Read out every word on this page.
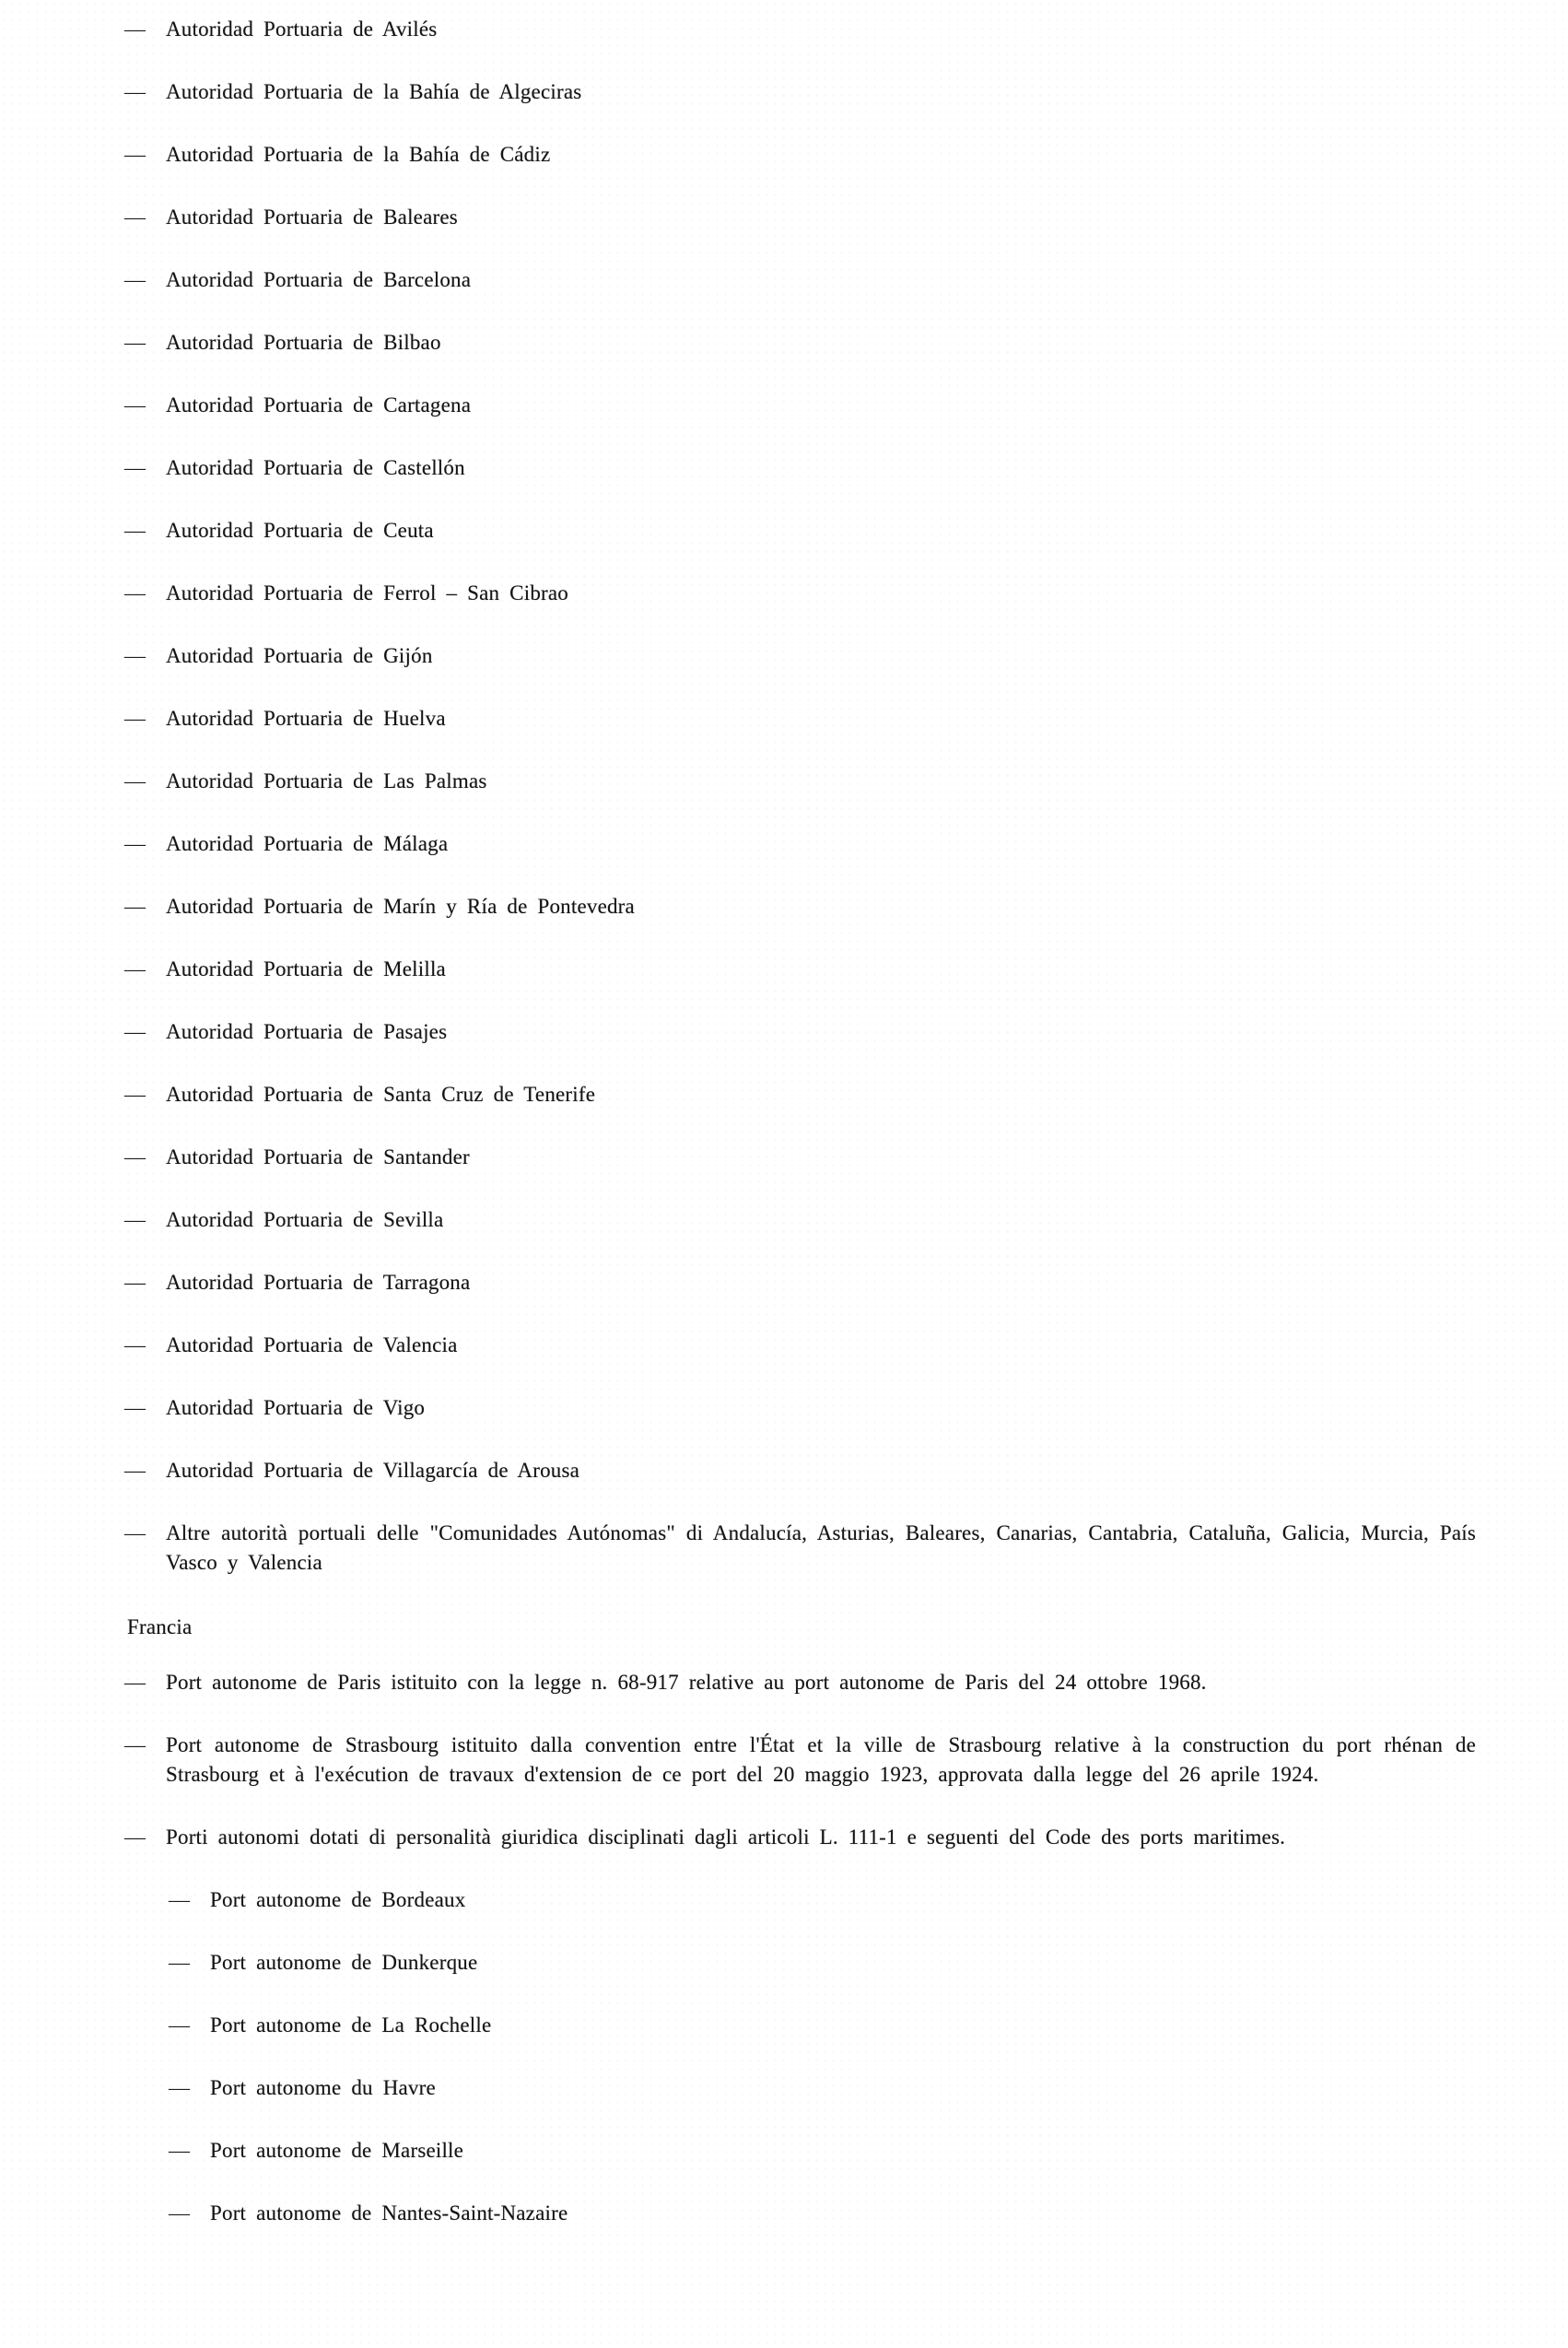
— Autoridad Portuaria de Avilés
— Autoridad Portuaria de la Bahía de Algeciras
— Autoridad Portuaria de la Bahía de Cádiz
— Autoridad Portuaria de Baleares
— Autoridad Portuaria de Barcelona
— Autoridad Portuaria de Bilbao
— Autoridad Portuaria de Cartagena
— Autoridad Portuaria de Castellón
— Autoridad Portuaria de Ceuta
— Autoridad Portuaria de Ferrol – San Cibrao
— Autoridad Portuaria de Gijón
— Autoridad Portuaria de Huelva
— Autoridad Portuaria de Las Palmas
— Autoridad Portuaria de Málaga
— Autoridad Portuaria de Marín y Ría de Pontevedra
— Autoridad Portuaria de Melilla
— Autoridad Portuaria de Pasajes
— Autoridad Portuaria de Santa Cruz de Tenerife
— Autoridad Portuaria de Santander
— Autoridad Portuaria de Sevilla
— Autoridad Portuaria de Tarragona
— Autoridad Portuaria de Valencia
— Autoridad Portuaria de Vigo
— Autoridad Portuaria de Villagarcía de Arousa
— Altre autorità portuali delle "Comunidades Autónomas" di Andalucía, Asturias, Baleares, Canarias, Cantabria, Cataluña, Galicia, Murcia, País Vasco y Valencia
Francia
— Port autonome de Paris istituito con la legge n. 68-917 relative au port autonome de Paris del 24 ottobre 1968.
— Port autonome de Strasbourg istituito dalla convention entre l'État et la ville de Strasbourg relative à la construction du port rhénan de Strasbourg et à l'exécution de travaux d'extension de ce port del 20 maggio 1923, approvata dalla legge del 26 aprile 1924.
— Porti autonomi dotati di personalità giuridica disciplinati dagli articoli L. 111-1 e seguenti del Code des ports maritimes.
— Port autonome de Bordeaux
— Port autonome de Dunkerque
— Port autonome de La Rochelle
— Port autonome du Havre
— Port autonome de Marseille
— Port autonome de Nantes-Saint-Nazaire
